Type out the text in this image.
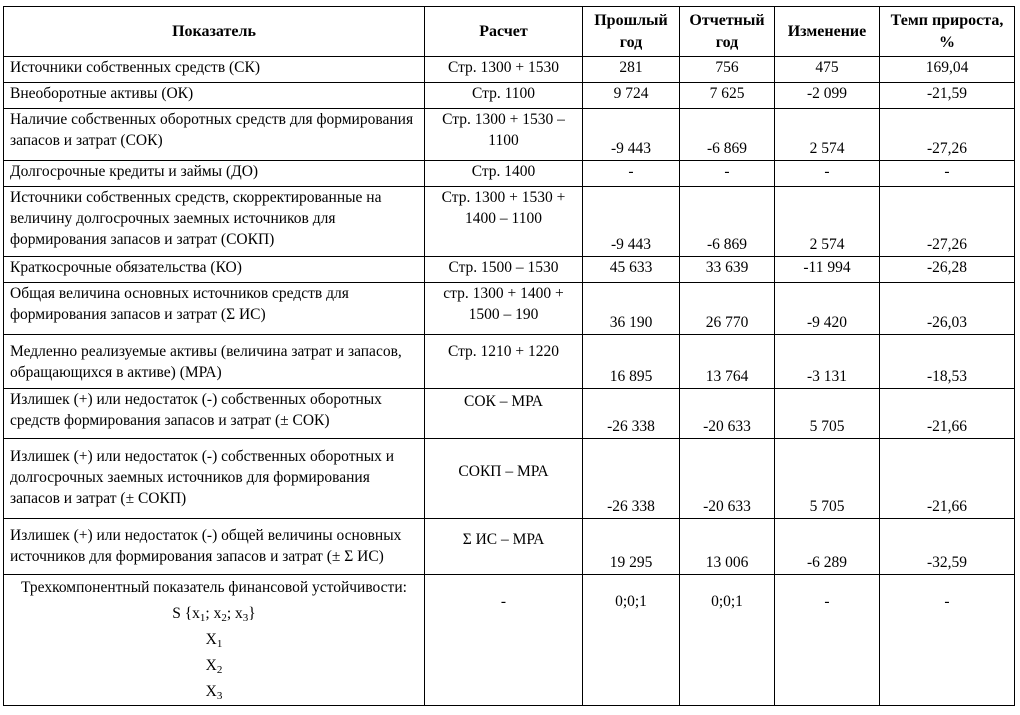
Показатель	Расчет	Прошлый год	Отчетный год	Изменение	Темп прироста, %
Источники собственных средств (СК)	Стр. 1300 + 1530	281	756	475	169,04
Внеоборотные активы (ОК)	Стр. 1100	9 724	7 625	-2 099	-21,59
Наличие собственных оборотных средств для формирования запасов и затрат (СОК)	Стр. 1300 + 1530 – 1100	-9 443	-6 869	2 574	-27,26
Долгосрочные кредиты и займы (ДО)	Стр. 1400	-	-	-	-
Источники собственных средств, скорректированные на величину долгосрочных заемных источников для формирования запасов и затрат (СОКП)	Стр. 1300 + 1530 + 1400 – 1100	-9 443	-6 869	2 574	-27,26
Краткосрочные обязательства (КО)	Стр. 1500 – 1530	45 633	33 639	-11 994	-26,28
Общая величина основных источников средств для формирования запасов и затрат (Σ ИС)	стр. 1300 + 1400 + 1500 – 190	36 190	26 770	-9 420	-26,03
Медленно реализуемые активы (величина затрат и запасов, обращающихся в активе) (МРА)	Стр. 1210 + 1220	16 895	13 764	-3 131	-18,53
Излишек (+) или недостаток (-) собственных оборотных средств формирования запасов и затрат (± СОК)	СОК – МРА	-26 338	-20 633	5 705	-21,66
Излишек (+) или недостаток (-) собственных оборотных и долгосрочных заемных источников для формирования запасов и затрат (± СОКП)	СОКП – МРА	-26 338	-20 633	5 705	-21,66
Излишек (+) или недостаток (-) общей величины основных источников для формирования запасов и затрат (± Σ ИС)	Σ ИС – МРА	19 295	13 006	-6 289	-32,59

Трехкомпонентный показатель финансовой устойчивости:
S {$x_1$; $x_2$; $x_3$}
$X_1$
$X_2$
$X_3$	-	0;0;1	0;0;1	-	-
